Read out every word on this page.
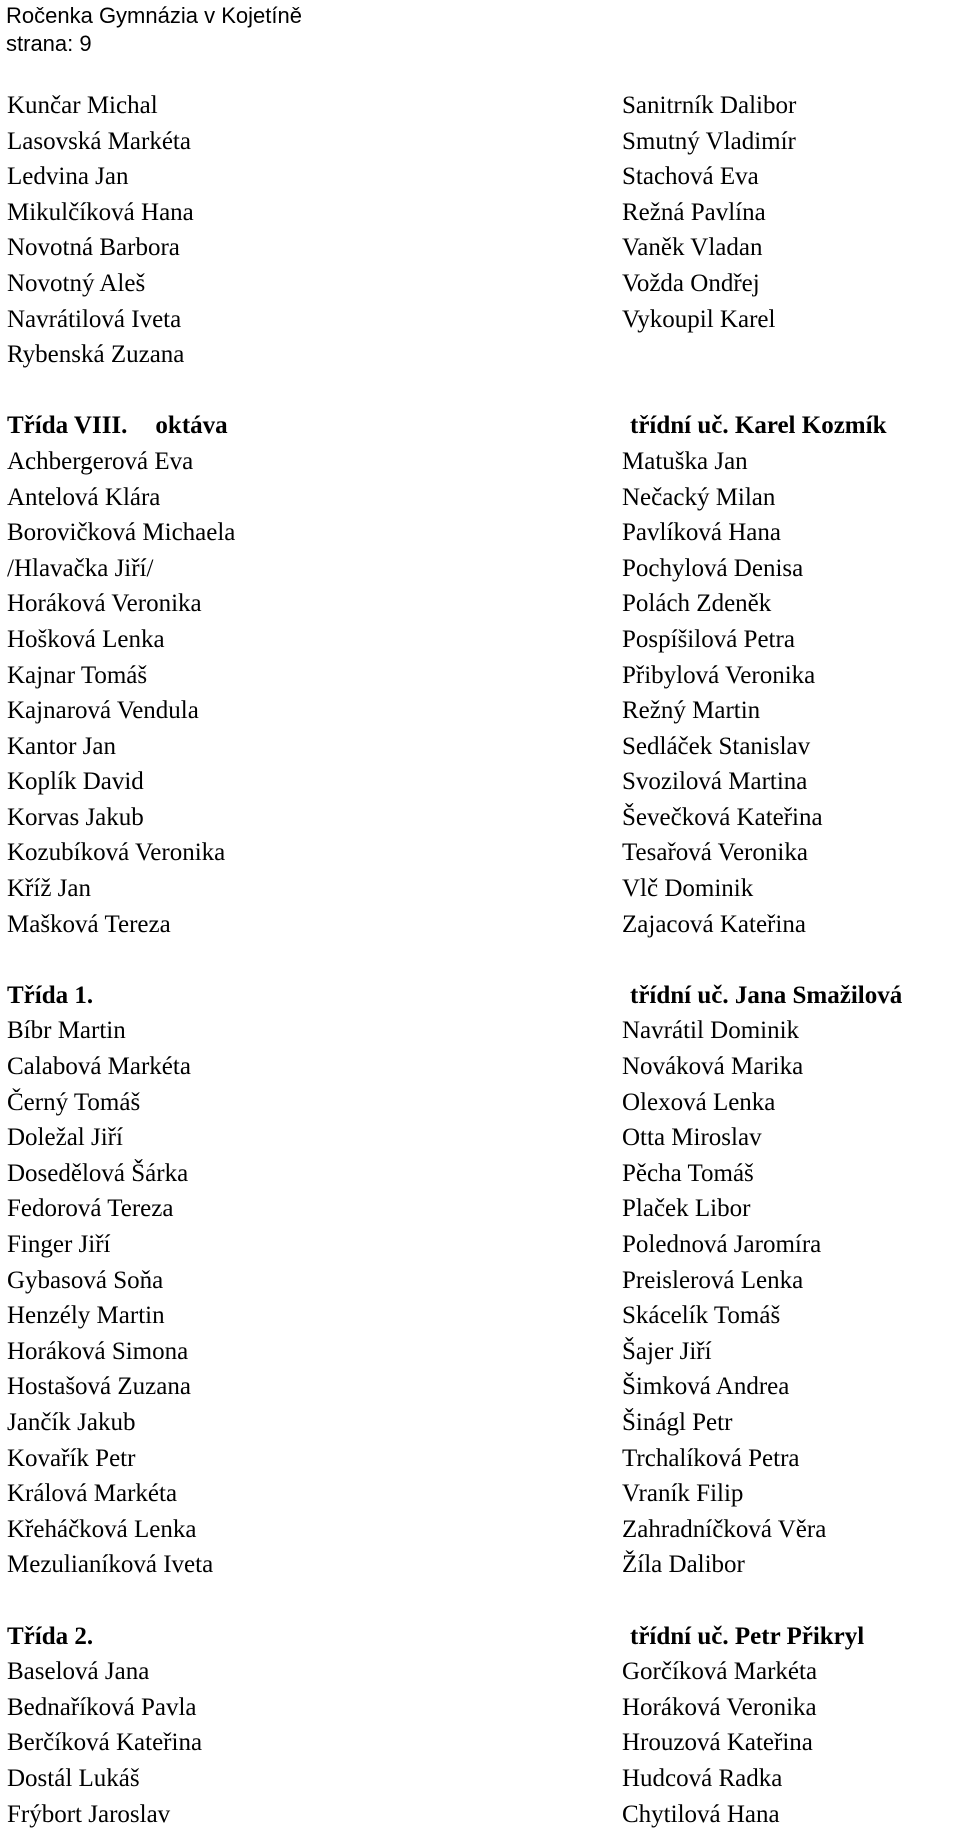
Ročenka Gymnázia v Kojetíně
strana: 9
Kunčar Michal
Lasovská Markéta
Ledvina Jan
Mikulčíková Hana
Novotná Barbora
Novotný Aleš
Navrátilová Iveta
Rybenská Zuzana
Třída VIII. oktáva
Achbergerová Eva
Antelová Klára
Borovičková Michaela
/Hlavačka Jiří/
Horáková Veronika
Hošková Lenka
Kajnar Tomáš
Kajnarová Vendula
Kantor Jan
Koplík David
Korvas Jakub
Kozubíková Veronika
Kříž Jan
Mašková Tereza
Třída 1.
Bíbr Martin
Calabová Markéta
Černý Tomáš
Doležal Jiří
Dosedělová Šárka
Fedorová Tereza
Finger Jiří
Gybasová Soňa
Henzély Martin
Horáková Simona
Hostašová Zuzana
Jančík Jakub
Kovařík Petr
Králová Markéta
Křeháčková Lenka
Mezulianíková Iveta
Třída 2.
Baselová Jana
Bednaříková Pavla
Berčíková Kateřina
Dostál Lukáš
Frýbort Jaroslav
Sanitrník Dalibor
Smutný Vladimír
Stachová Eva
Režná Pavlína
Vaněk Vladan
Vožda Ondřej
Vykoupil Karel
třídní uč. Karel Kozmík
Matuška Jan
Nečacký Milan
Pavlíková Hana
Pochylová Denisa
Polách Zdeněk
Pospíšilová Petra
Přibylová Veronika
Režný Martin
Sedláček Stanislav
Svozilová Martina
Ševečková Kateřina
Tesařová Veronika
Vlč Dominik
Zajacová Kateřina
třídní uč. Jana Smažilová
Navrátil Dominik
Nováková Marika
Olexová Lenka
Otta Miroslav
Pěcha Tomáš
Plaček Libor
Polednová Jaromíra
Preislerová Lenka
Skácelík Tomáš
Šajer Jiří
Šimková Andrea
Šinágl Petr
Trchalíková Petra
Vraník Filip
Zahradníčková Věra
Žíla Dalibor
třídní uč. Petr Přikryl
Gorčíková Markéta
Horáková Veronika
Hrouzová Kateřina
Hudcová Radka
Chytilová Hana
